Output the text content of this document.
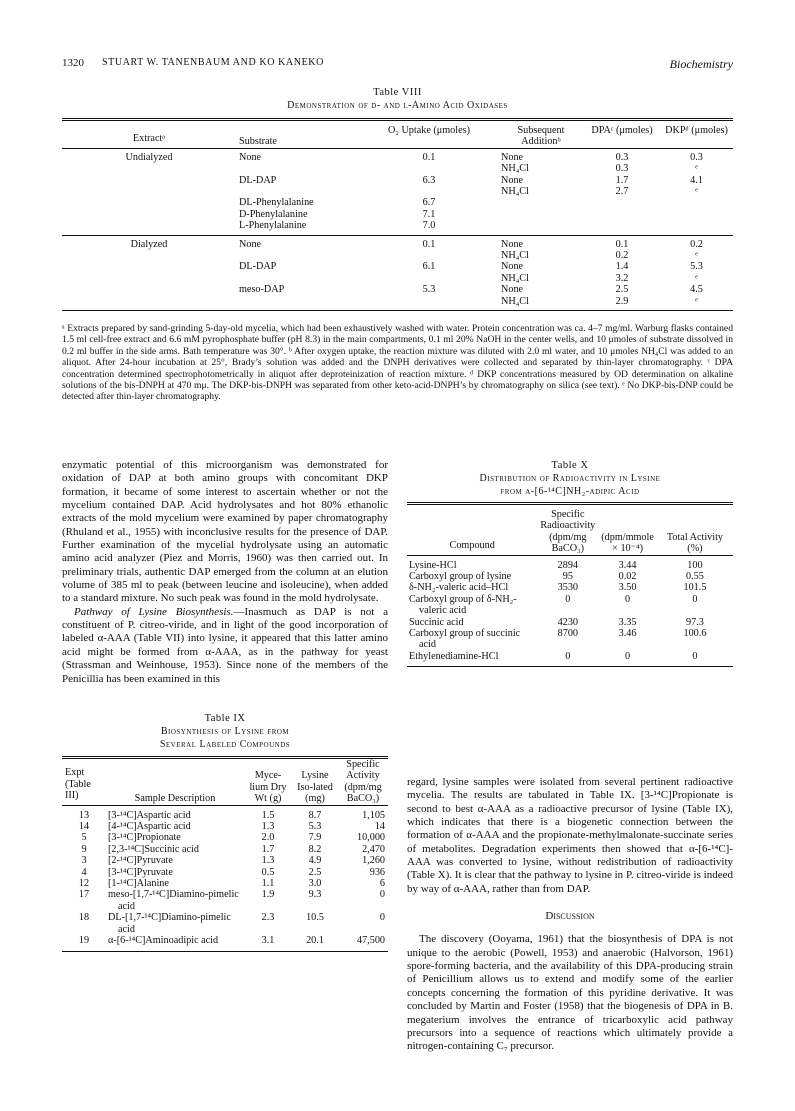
1320 STUART W. TANENBAUM AND KO KANEKO	Biochemistry
Table VIII
Demonstration of d- and l-Amino Acid Oxidases
Extractᵃ	Substrate	O₂ Uptake (μmoles)	Subsequent Additionᵇ	DPAᶜ (μmoles)	DKPᵈ (μmoles)
Undialyzed	None	0.1	None	0.3	0.3
			NH₄Cl	0.3	ᵉ
	DL-DAP	6.3	None	1.7	4.1
			NH₄Cl	2.7	ᵉ
	DL-Phenylalanine	6.7			
	D-Phenylalanine	7.1			
	L-Phenylalanine	7.0			
Dialyzed	None	0.1	None	0.1	0.2
			NH₄Cl	0.2	ᵉ
	DL-DAP	6.1	None	1.4	5.3
			NH₄Cl	3.2	ᵉ
	meso-DAP	5.3	None	2.5	4.5
			NH₄Cl	2.9	ᵉ
ᵃ Extracts prepared by sand-grinding 5-day-old mycelia, which had been exhaustively washed with water. Protein concentration was ca. 4–7 mg/ml. Warburg flasks contained 1.5 ml cell-free extract and 6.6 mM pyrophosphate buffer (pH 8.3) in the main compartments, 0.1 ml 20% NaOH in the center wells, and 10 μmoles of substrate dissolved in 0.2 ml buffer in the side arms. Bath temperature was 30°. ᵇ After oxygen uptake, the reaction mixture was diluted with 2.0 ml water, and 10 μmoles NH₄Cl was added to an aliquot. After 24-hour incubation at 25°, Brady’s solution was added and the DNPH derivatives were collected and separated by thin-layer chromatography. ᶜ DPA concentration determined spectrophotometrically in aliquot after deproteinization of reaction mixture. ᵈ DKP concentrations measured by OD determination on alkaline solutions of the bis-DNPH at 470 mμ. The DKP-bis-DNPH was separated from other keto-acid-DNPH’s by chromatography on silica (see text). ᵉ No DKP-bis-DNP could be detected after thin-layer chromatography.

enzymatic potential of this microorganism was demonstrated for oxidation of DAP at both amino groups with concomitant DKP formation, it became of some interest to ascertain whether or not the mycelium contained DAP. Acid hydrolysates and hot 80% ethanolic extracts of the mold mycelium were examined by paper chromatography (Rhuland et al., 1955) with inconclusive results for the presence of DAP. Further examination of the mycelial hydrolysate using an automatic amino acid analyzer (Piez and Morris, 1960) was then carried out. In preliminary trials, authentic DAP emerged from the column at an elution volume of 385 ml to peak (between leucine and isoleucine), when added to a standard mixture. No such peak was found in the mold hydrolysate.

Pathway of Lysine Biosynthesis.—Inasmuch as DAP is not a constituent of P. citreo-viride, and in light of the good incorporation of labeled α-AAA (Table VII) into lysine, it appeared that this latter amino acid might be formed from α-AAA, as in the pathway for yeast (Strassman and Weinhouse, 1953). Since none of the members of the Penicillia has been examined in this

Table IX
Biosynthesis of Lysine from
Several Labeled Compounds
Expt (Table III)	Sample Description	Myce-lium Dry Wt (g)	Lysine Iso-lated (mg)	Specific Activity (dpm/mg BaCO₃)
13	[3-¹⁴C]Aspartic acid	1.5	8.7	1,105
14	[4-¹⁴C]Aspartic acid	1.3	5.3	14
5	[3-¹⁴C]Propionate	2.0	7.9	10,000
9	[2,3-¹⁴C]Succinic acid	1.7	8.2	2,470
3	[2-¹⁴C]Pyruvate	1.3	4.9	1,260
4	[3-¹⁴C]Pyruvate	0.5	2.5	936
12	[1-¹⁴C]Alanine	1.1	3.0	6
17	meso-[1,7-¹⁴C]Diamino-pimelic acid	1.9	9.3	0
18	DL-[1,7-¹⁴C]Diamino-pimelic acid	2.3	10.5	0
19	α-[6-¹⁴C]Aminoadipic acid	3.1	20.1	47,500
Table X
Distribution of Radioactivity in Lysine
from α-[6-¹⁴C]NH₂-adipic Acid
Compound	Specific Radioactivity (dpm/mg BaCO₃)	(dpm/mmole × 10⁻⁴)	Total Activity (%)
Lysine-HCl	2894	3.44	100
Carboxyl group of lysine	95	0.02	0.55
δ-NH₂-valeric acid–HCl	3530	3.50	101.5
Carboxyl group of δ-NH₂-valeric acid	0	0	0
Succinic acid	4230	3.35	97.3
Carboxyl group of succinic acid	8700	3.46	100.6
Ethylenediamine-HCl	0	0	0

regard, lysine samples were isolated from several pertinent radioactive mycelia. The results are tabulated in Table IX. [3-¹⁴C]Propionate is second to best α-AAA as a radioactive precursor of lysine (Table IX), which indicates that there is a biogenetic connection between the formation of α-AAA and the propionate-methylmalonate-succinate series of metabolites. Degradation experiments then showed that α-[6-¹⁴C]-AAA was converted to lysine, without redistribution of radioactivity (Table X). It is clear that the pathway to lysine in P. citreo-viride is indeed by way of α-AAA, rather than from DAP.

Discussion

The discovery (Ooyama, 1961) that the biosynthesis of DPA is not unique to the aerobic (Powell, 1953) and anaerobic (Halvorson, 1961) spore-forming bacteria, and the availability of this DPA-producing strain of Penicillium allows us to extend and modify some of the earlier concepts concerning the formation of this pyridine derivative. It was concluded by Martin and Foster (1958) that the biogenesis of DPA in B. megaterium involves the entrance of tricarboxylic acid pathway precursors into a sequence of reactions which ultimately provide a nitrogen-containing C₇ precursor.
